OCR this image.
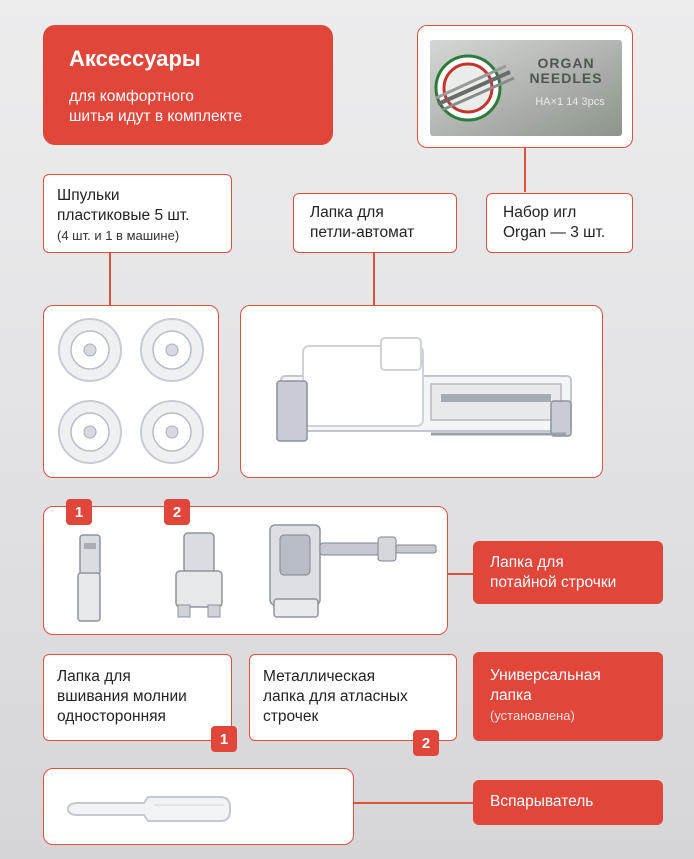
Аксессуары
для комфортного
шитья идут в комплекте
ORGAN
NEEDLES
HA×1 14 3pcs
Шпульки
пластиковые 5 шт.
(4 шт. и 1 в машине)
Лапка для
петли-автомат
Набор игл
Organ — 3 шт.
1	2
Лапка для
потайной строчки
Лапка для
вшивания молнии
односторонняя
1
Металлическая
лапка для атласных
строчек
2
Универсальная
лапка
(установлена)
Вспарыватель
